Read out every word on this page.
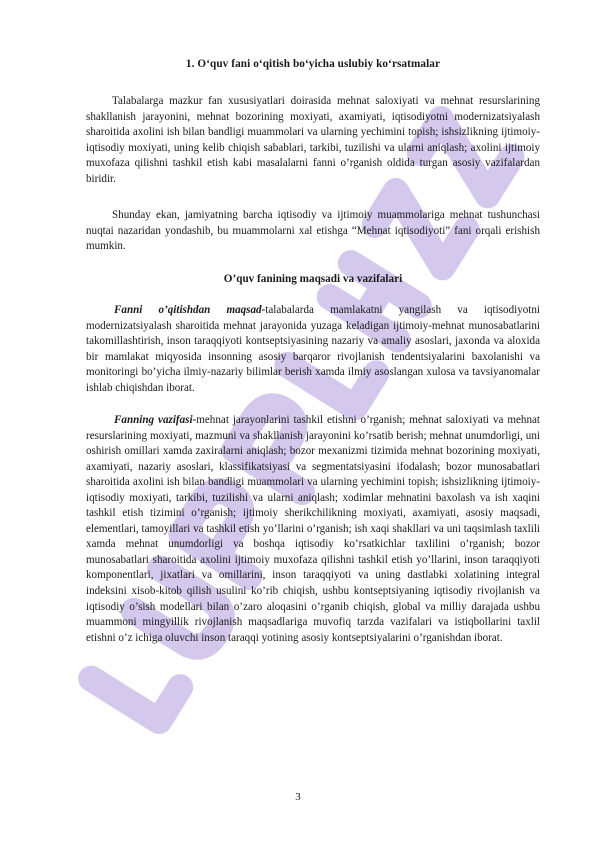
1. O‘quv fani o‘qitish bo‘yicha uslubiy ko‘rsatmalar
Talabalarga mazkur fan xususiyatlari doirasida mehnat saloxiyati va mehnat resurslarining shakllanish jarayonini, mehnat bozorining moxiyati, axamiyati, iqtisodiyotni modernizatsiyalash sharoitida axolini ish bilan bandligi muammolari va ularning yechimini topish; ishsizlikning ijtimoiy-iqtisodiy moxiyati, uning kelib chiqish sabablari, tarkibi, tuzilishi va ularni aniqlash; axolini ijtimoiy muxofaza qilishni tashkil etish kabi masalalarni fanni o’rganish oldida turgan asosiy vazifalardan biridir.
Shunday ekan, jamiyatning barcha iqtisodiy va ijtimoiy muammolariga mehnat tushunchasi nuqtai nazaridan yondashib, bu muammolarni xal etishga “Mehnat iqtisodiyoti” fani orqali erishish mumkin.
O’quv fanining maqsadi va vazifalari
Fanni o’qitishdan maqsad-talabalarda mamlakatni yangilash va iqtisodiyotni modernizatsiyalash sharoitida mehnat jarayonida yuzaga keladigan ijtimoiy-mehnat munosabatlarini takomillashtirish, inson taraqqiyoti kontseptsiyasining nazariy va amaliy asoslari, jaxonda va aloxida bir mamlakat miqyosida insonning asosiy barqaror rivojlanish tendentsiyalarini baxolanishi va monitoringi bo’yicha ilmiy-nazariy bilimlar berish xamda ilmiy asoslangan xulosa va tavsiyanomalar ishlab chiqishdan iborat.
Fanning vazifasi-mehnat jarayonlarini tashkil etishni o’rganish; mehnat saloxiyati va mehnat resurslarining moxiyati, mazmuni va shakllanish jarayonini ko’rsatib berish; mehnat unumdorligi, uni oshirish omillari xamda zaxiralarni aniqlash; bozor mexanizmi tizimida mehnat bozorining moxiyati, axamiyati, nazariy asoslari, klassifikatsiyasi va segmentatsiyasini ifodalash; bozor munosabatlari sharoitida axolini ish bilan bandligi muammolari va ularning yechimini topish; ishsizlikning ijtimoiy-iqtisodiy moxiyati, tarkibi, tuzilishi va ularni aniqlash; xodimlar mehnatini baxolash va ish xaqini tashkil etish tizimini o’rganish; ijtimoiy sherikchilikning moxiyati, axamiyati, asosiy maqsadi, elementlari, tamoyillari va tashkil etish yo’llarini o’rganish; ish xaqi shakllari va uni taqsimlash taxlili xamda mehnat unumdorligi va boshqa iqtisodiy ko’rsatkichlar taxlilini o’rganish; bozor munosabatlari sharoitida axolini ijtimoiy muxofaza qilishni tashkil etish yo’llarini, inson taraqqiyoti komponentlari, jixatlari va omillarini, inson taraqqiyoti va uning dastlabki xolatining integral indeksini xisob-kitob qilish usulini ko’rib chiqish, ushbu kontseptsiyaning iqtisodiy rivojlanish va iqtisodiy o’sish modellari bilan o’zaro aloqasini o’rganib chiqish, global va milliy darajada ushbu muammoni mingyillik rivojlanish maqsadlariga muvofiq tarzda vazifalari va istiqbollarini taxlil etishni o’z ichiga oluvchi inson taraqqi yotining asosiy kontseptsiyalarini o’rganishdan iborat.
3
